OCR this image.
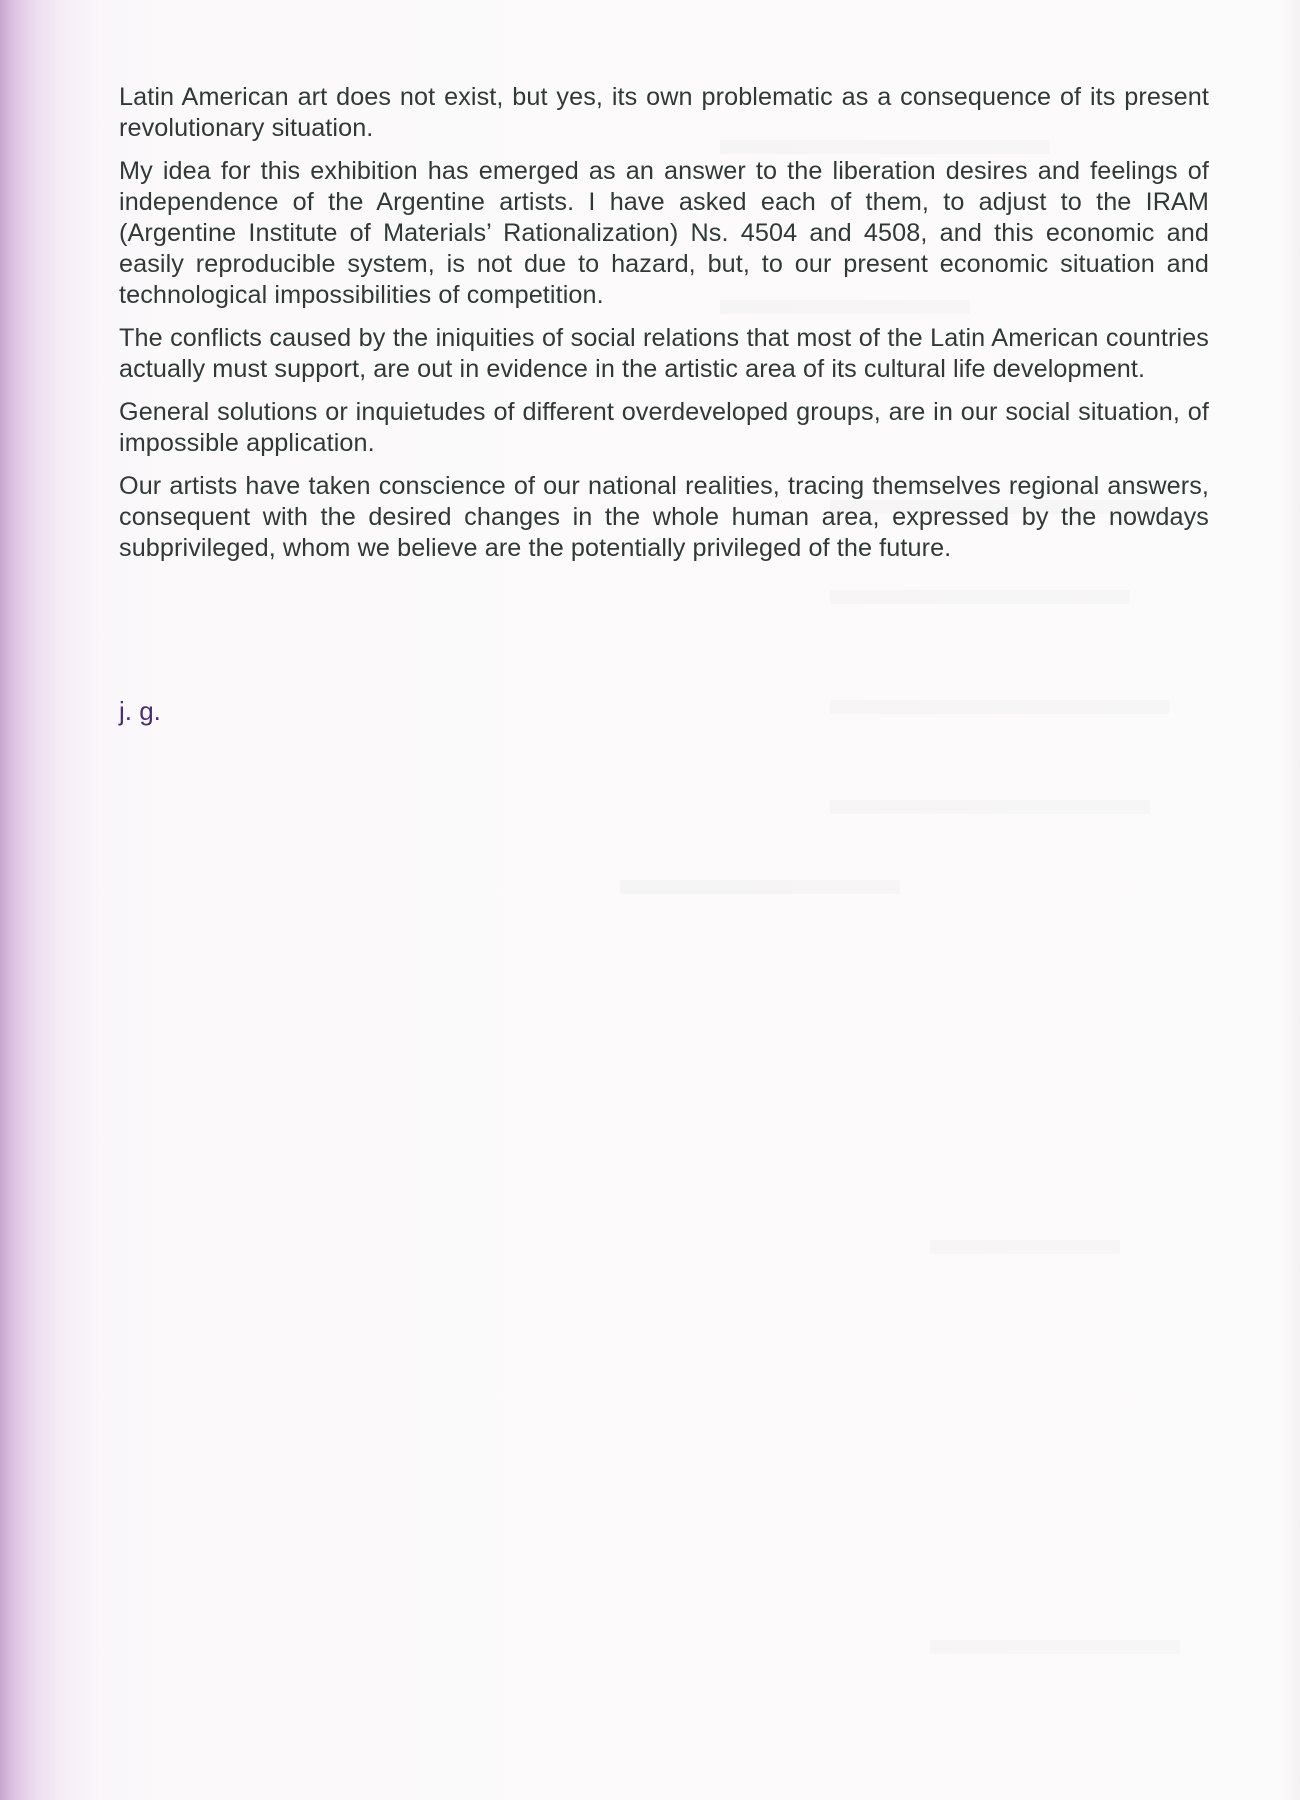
Latin American art does not exist, but yes, its own problematic as a consequence of its present revolutionary situation.

My idea for this exhibition has emerged as an answer to the liberation desires and feelings of independence of the Argentine artists. I have asked each of them, to adjust to the IRAM (Argentine Institute of Materials’ Rationalization) Ns. 4504 and 4508, and this economic and easily reproducible system, is not due to hazard, but, to our present economic situation and technological impossibilities of competition.

The conflicts caused by the iniquities of social relations that most of the Latin American countries actually must support, are out in evidence in the artistic area of its cultural life development.

General solutions or inquietudes of different overdeveloped groups, are in our social situation, of impossible application.

Our artists have taken conscience of our national realities, tracing themselves regional answers, consequent with the desired changes in the whole human area, expressed by the nowdays subprivileged, whom we believe are the potentially privileged of the future.

j. g.
